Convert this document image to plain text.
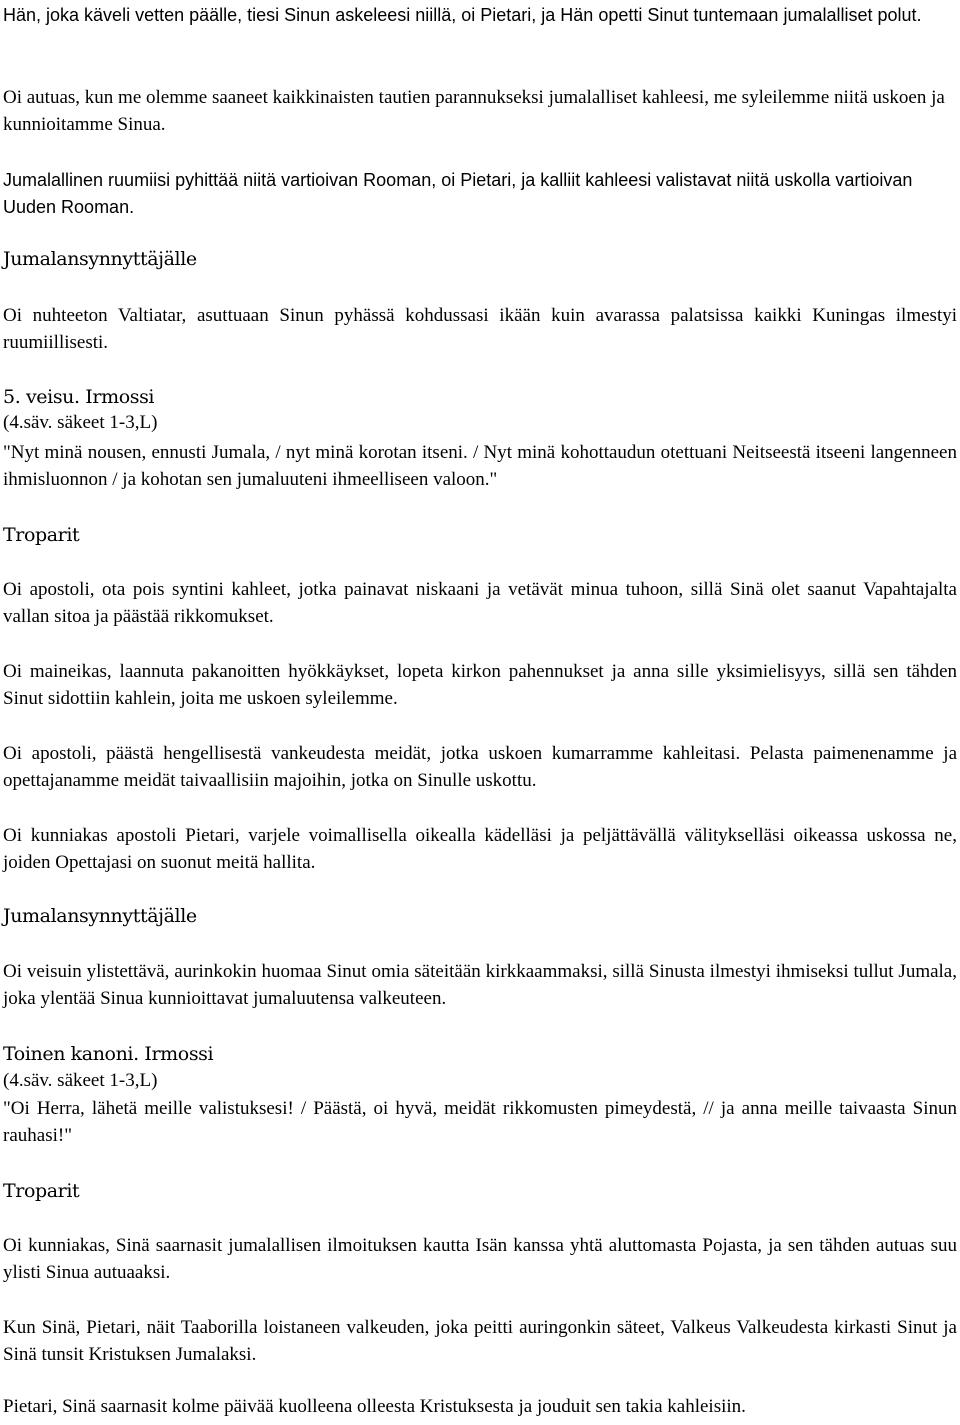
Hän, joka käveli vetten päälle, tiesi Sinun askeleesi niillä, oi Pietari, ja Hän opetti Sinut tuntemaan jumalalliset polut.

Oi autuas, kun me olemme saaneet kaikkinaisten tautien parannukseksi jumalalliset kahleesi, me syleilemme niitä uskoen ja kunnioitamme Sinua.

Jumalallinen ruumiisi pyhittää niitä vartioivan Rooman, oi Pietari, ja kalliit kahleesi valistavat niitä uskolla vartioivan Uuden Rooman.

Jumalansynnyttäjälle

Oi nuhteeton Valtiatar, asuttuaan Sinun pyhässä kohdussasi ikään kuin avarassa palatsissa kaikki Kuningas ilmestyi ruumiillisesti.

5. veisu. Irmossi
(4.säv. säkeet 1-3,L)

"Nyt minä nousen, ennusti Jumala, / nyt minä korotan itseni. / Nyt minä kohottaudun otettuani Neitseestä itseeni langenneen ihmisluonnon / ja kohotan sen jumaluuteni ihmeelliseen valoon."

Troparit

Oi apostoli, ota pois syntini kahleet, jotka painavat niskaani ja vetävät minua tuhoon, sillä Sinä olet saanut Vapahtajalta vallan sitoa ja päästää rikkomukset.

Oi maineikas, laannuta pakanoitten hyökkäykset, lopeta kirkon pahennukset ja anna sille yksimielisyys, sillä sen tähden Sinut sidottiin kahlein, joita me uskoen syleilemme.

Oi apostoli, päästä hengellisestä vankeudesta meidät, jotka uskoen kumarramme kahleitasi. Pelasta paimenenamme ja opettajanamme meidät taivaallisiin majoihin, jotka on Sinulle uskottu.

Oi kunniakas apostoli Pietari, varjele voimallisella oikealla kädelläsi ja peljättävällä välitykselläsi oikeassa uskossa ne, joiden Opettajasi on suonut meitä hallita.

Jumalansynnyttäjälle

Oi veisuin ylistettävä, aurinkokin huomaa Sinut omia säteitään kirkkaammaksi, sillä Sinusta ilmestyi ihmiseksi tullut Jumala, joka ylentää Sinua kunnioittavat jumaluutensa valkeuteen.

Toinen kanoni. Irmossi
(4.säv. säkeet 1-3,L)

"Oi Herra, lähetä meille valistuksesi! / Päästä, oi hyvä, meidät rikkomusten pimeydestä, // ja anna meille taivaasta Sinun rauhasi!"

Troparit

Oi kunniakas, Sinä saarnasit jumalallisen ilmoituksen kautta Isän kanssa yhtä aluttomasta Pojasta, ja sen tähden autuas suu ylisti Sinua autuaaksi.

Kun Sinä, Pietari, näit Taaborilla loistaneen valkeuden, joka peitti auringonkin säteet, Valkeus Valkeudesta kirkasti Sinut ja Sinä tunsit Kristuksen Jumalaksi.

Pietari, Sinä saarnasit kolme päivää kuolleena olleesta Kristuksesta ja jouduit sen takia kahleisiin.
